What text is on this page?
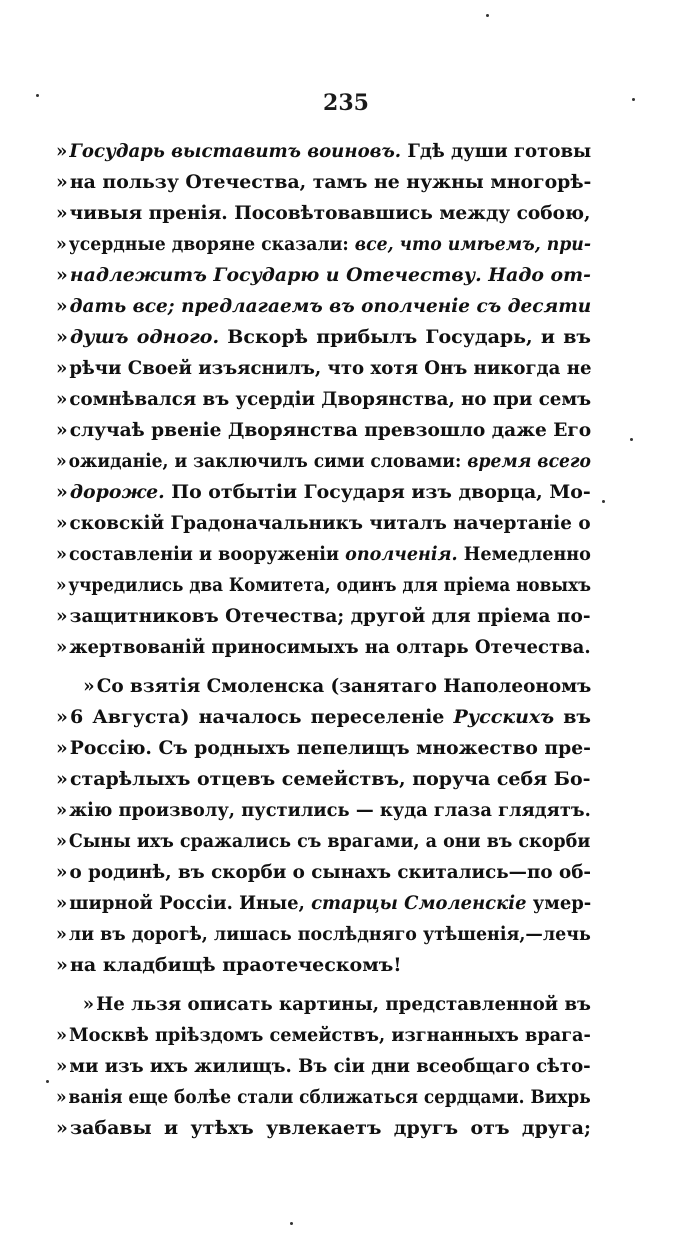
235
» Государь выставитъ воиновъ. Гдѣ души готовы
» на пользу Отечества, тамъ не нужны многорѣ-
» чивыя пренія. Посовѣтовавшись между собою,
» усердные дворяне сказали: все, что имѣемъ, при-
» надлежитъ Государю и Отечеству. Надо от-
» дать все; предлагаемъ въ ополченіе съ десяти
» душъ одного. Вскорѣ прибылъ Государь, и въ
» рѣчи Своей изъяснилъ, что хотя Онъ никогда не
» сомнѣвался въ усердіи Дворянства, но при семъ
» случаѣ рвеніе Дворянства превзошло даже Его
» ожиданіе, и заключилъ сими словами: время всего
» дороже. По отбытіи Государя изъ дворца, Мо-
» сковскій Градоначальникъ читалъ начертаніе о
» составленіи и вооруженіи ополченія. Немедленно
»учредились два Комитета, одинъ для пріема новыхъ
» защитниковъ Отечества; другой для пріема по-
» жертвованій приносимыхъ на олтарь Отечества.
» Со взятія Смоленска (занятаго Наполеономъ
» 6 Августа) началось переселеніе Русскихъ въ
» Россію. Съ родныхъ пепелищъ множество пре-
» старѣлыхъ отцевъ семействъ, поруча себя Бо-
» жію произволу, пустились — куда глаза глядятъ.
» Сыны ихъ сражались съ врагами, а они въ скорби
» о родинѣ, въ скорби о сынахъ скитались—по об-
» ширной Россіи. Иные, старцы Смоленскіе умер-
» ли въ дорогѣ, лишась послѣдняго утѣшенія,—лечь
» на кладбищѣ праотеческомъ!
» Не льзя описать картины, представленной въ
» Москвѣ пріѣздомъ семействъ, изгнанныхъ врага-
» ми изъ ихъ жилищъ. Въ сіи дни всеобщаго сѣто-
»ванія еще болѣе стали сближаться сердцами. Вихрь
» забавы и утѣхъ увлекаетъ другъ отъ друга;
